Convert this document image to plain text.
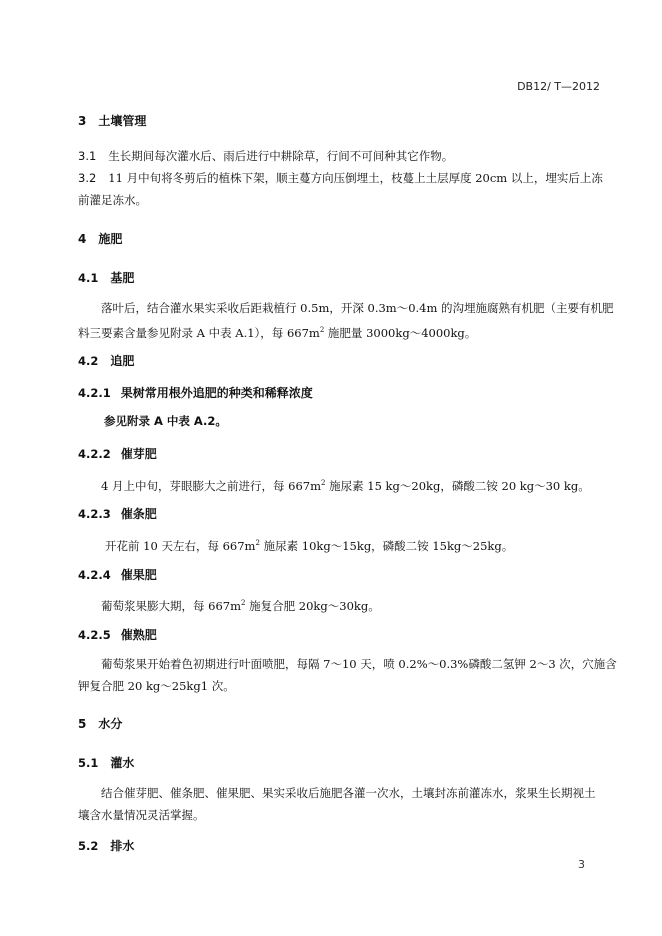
DB12/ T—2012
3 土壤管理
3.1 生长期间每次灌水后、雨后进行中耕除草，行间不可间种其它作物。
3.2 11 月中旬将冬剪后的植株下架，顺主蔓方向压倒埋土，枝蔓上土层厚度 20cm 以上，埋实后上冻
前灌足冻水。
4 施肥
4.1 基肥
落叶后，结合灌水果实采收后距栽植行 0.5m，开深 0.3m～0.4m 的沟埋施腐熟有机肥（主要有机肥
料三要素含量参见附录 A 中表 A.1），每 $667m^2$ 施肥量 3000kg～4000kg。
4.2 追肥
4.2.1 果树常用根外追肥的种类和稀释浓度
参见附录 A 中表 A.2。
4.2.2 催芽肥
4 月上中旬，芽眼膨大之前进行，每 $667m^2$ 施尿素 15 kg～20kg，磷酸二铵 20 kg～30 kg。
4.2.3 催条肥
开花前 10 天左右，每 $667m^2$ 施尿素 10kg～15kg，磷酸二铵 15kg～25kg。
4.2.4 催果肥
葡萄浆果膨大期，每 $667m^2$ 施复合肥 20kg～30kg。
4.2.5 催熟肥
葡萄浆果开始着色初期进行叶面喷肥，每隔 7～10 天，喷 0.2%～0.3%磷酸二氢钾 2～3 次，穴施含
钾复合肥 20 kg～25kg1 次。
5 水分
5.1 灌水
结合催芽肥、催条肥、催果肥、果实采收后施肥各灌一次水，土壤封冻前灌冻水，浆果生长期视土
壤含水量情况灵活掌握。
5.2 排水
3
